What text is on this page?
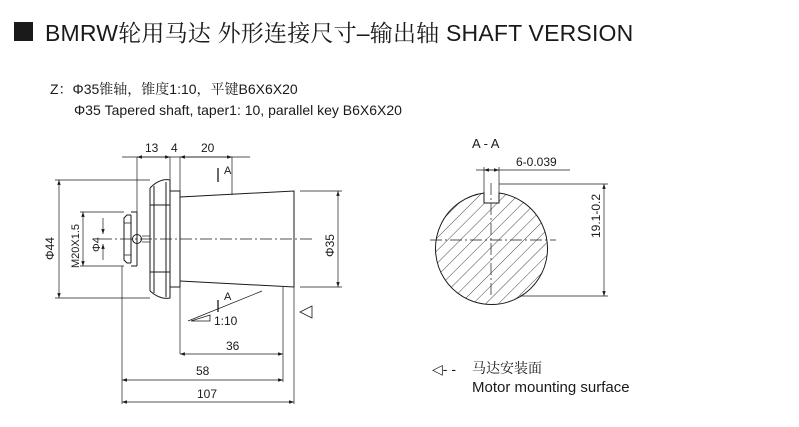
BMRW轮用马达 外形连接尺寸–输出轴 SHAFT VERSION
Z：Φ35锥轴，锥度1:10，平键B6X6X20
Φ35 Tapered shaft, taper1: 10, parallel key B6X6X20
13 4 20
A
A
Φ44 M20X1.5 Φ4	Φ35
1:10
36
58
107
A - A
6-0.039
19.1-0.2
◁- - 马达安装面
Motor mounting surface
